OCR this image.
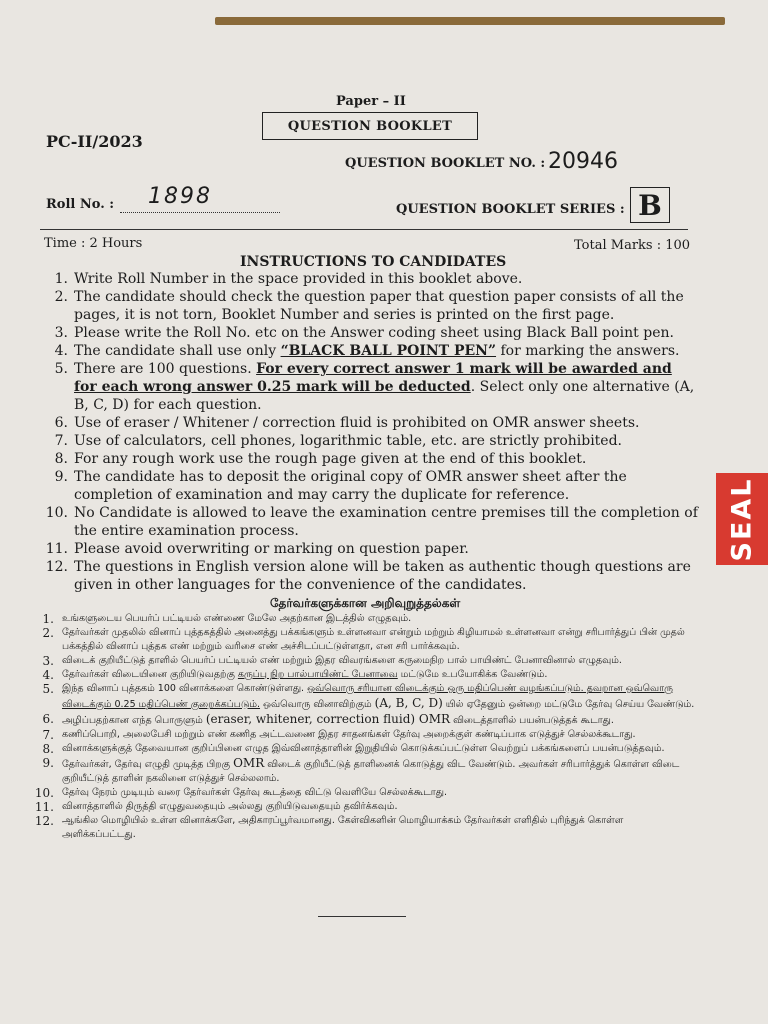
Paper – II
QUESTION BOOKLET
PC-II/2023
QUESTION BOOKLET NO. : 20946
Roll No. : 1898
QUESTION BOOKLET SERIES : B
Time : 2 Hours	Total Marks : 100
INSTRUCTIONS TO CANDIDATES
1. Write Roll Number in the space provided in this booklet above.
2. The candidate should check the question paper that question paper consists of all the pages, it is not torn, Booklet Number and series is printed on the first page.
3. Please write the Roll No. etc on the Answer coding sheet using Black Ball point pen.
4. The candidate shall use only “BLACK BALL POINT PEN” for marking the answers.
5. There are 100 questions. For every correct answer 1 mark will be awarded and for each wrong answer 0.25 mark will be deducted. Select only one alternative (A, B, C, D) for each question.
6. Use of eraser / Whitener / correction fluid is prohibited on OMR answer sheets.
7. Use of calculators, cell phones, logarithmic table, etc. are strictly prohibited.
8. For any rough work use the rough page given at the end of this booklet.
9. The candidate has to deposit the original copy of OMR answer sheet after the completion of examination and may carry the duplicate for reference.
10. No Candidate is allowed to leave the examination centre premises till the completion of the entire examination process.
11. Please avoid overwriting or marking on question paper.
12. The questions in English version alone will be taken as authentic though questions are given in other languages for the convenience of the candidates.
தேர்வர்களுக்கான அறிவுறுத்தல்கள்
1. உங்களுடைய பெயர்ப் பட்டியல் எண்ணை மேலே அதற்கான இடத்தில் எழுதவும்.
2. தேர்வர்கள் முதலில் வினாப் புத்தகத்தில் அனைத்து பக்கங்களும் உள்ளனவா என்றும் மற்றும் கிழியாமல் உள்ளனவா என்று சரிபார்த்துப் பின் முதல் பக்கத்தில் வினாப் புத்தக எண் மற்றும் வரிசை எண் அச்சிடப்பட்டுள்ளதா, என சரி பார்க்கவும்.
3. விடைக் குறியீட்டுத் தாளில் பெயர்ப் பட்டியல் எண் மற்றும் இதர விவரங்களை கருமைநிற பால் பாயிண்ட் பேனாவினால் எழுதவும்.
4. தேர்வர்கள் விடையினை குறியிடுவதற்கு கருப்பு நிற பால்பாயிண்ட் பேனாவை மட்டுமே உபயோகிக்க வேண்டும்.
5. இந்த வினாப் புத்தகம் 100 வினாக்களை கொண்டுள்ளது. ஒவ்வொரு சரியான விடைக்கும் ஒரு மதிப்பெண் வழங்கப்படும். தவறான ஒவ்வொரு விடைக்கும் 0.25 மதிப்பெண் குறைக்கப்படும். ஒவ்வொரு வினாவிற்கும் (A, B, C, D) யில் ஏதேனும் ஒன்றை மட்டுமே தேர்வு செய்ய வேண்டும்.
6. அழிப்பதற்கான எந்த பொருளும் (eraser, whitener, correction fluid) OMR விடைத்தாளில் பயன்படுத்தக் கூடாது.
7. கணிப்பொறி, அலைபேசி மற்றும் எண் கணித அட்டவணை இதர சாதனங்கள் தேர்வு அறைக்குள் கண்டிப்பாக எடுத்துச் செல்லக்கூடாது.
8. வினாக்களுக்குத் தேவையான குறிப்பினை எழுத இவ்வினாத்தாளின் இறுதியில் கொடுக்கப்பட்டுள்ள வெற்றுப் பக்கங்களைப் பயன்படுத்தவும்.
9. தேர்வர்கள், தேர்வு எழுதி முடித்த பிறகு OMR விடைக் குறியீட்டுத் தாளினைக் கொடுத்து விட வேண்டும். அவர்கள் சரிபார்த்துக் கொள்ள விடை குறியீட்டுத் தாளின் நகலினை எடுத்துச் செல்லலாம்.
10. தேர்வு நேரம் முடியும் வரை தேர்வர்கள் தேர்வு கூடத்தை விட்டு வெளியே செல்லக்கூடாது.
11. வினாத்தாளில் திருத்தி எழுதுவதையும் அல்லது குறியிடுவதையும் தவிர்க்கவும்.
12. ஆங்கில மொழியில் உள்ள வினாக்களே, அதிகாரப்பூர்வமானது. கேள்விகளின் மொழியாக்கம் தேர்வர்கள் எளிதில் புரிந்துக் கொள்ள அளிக்கப்பட்டது.
SEAL
